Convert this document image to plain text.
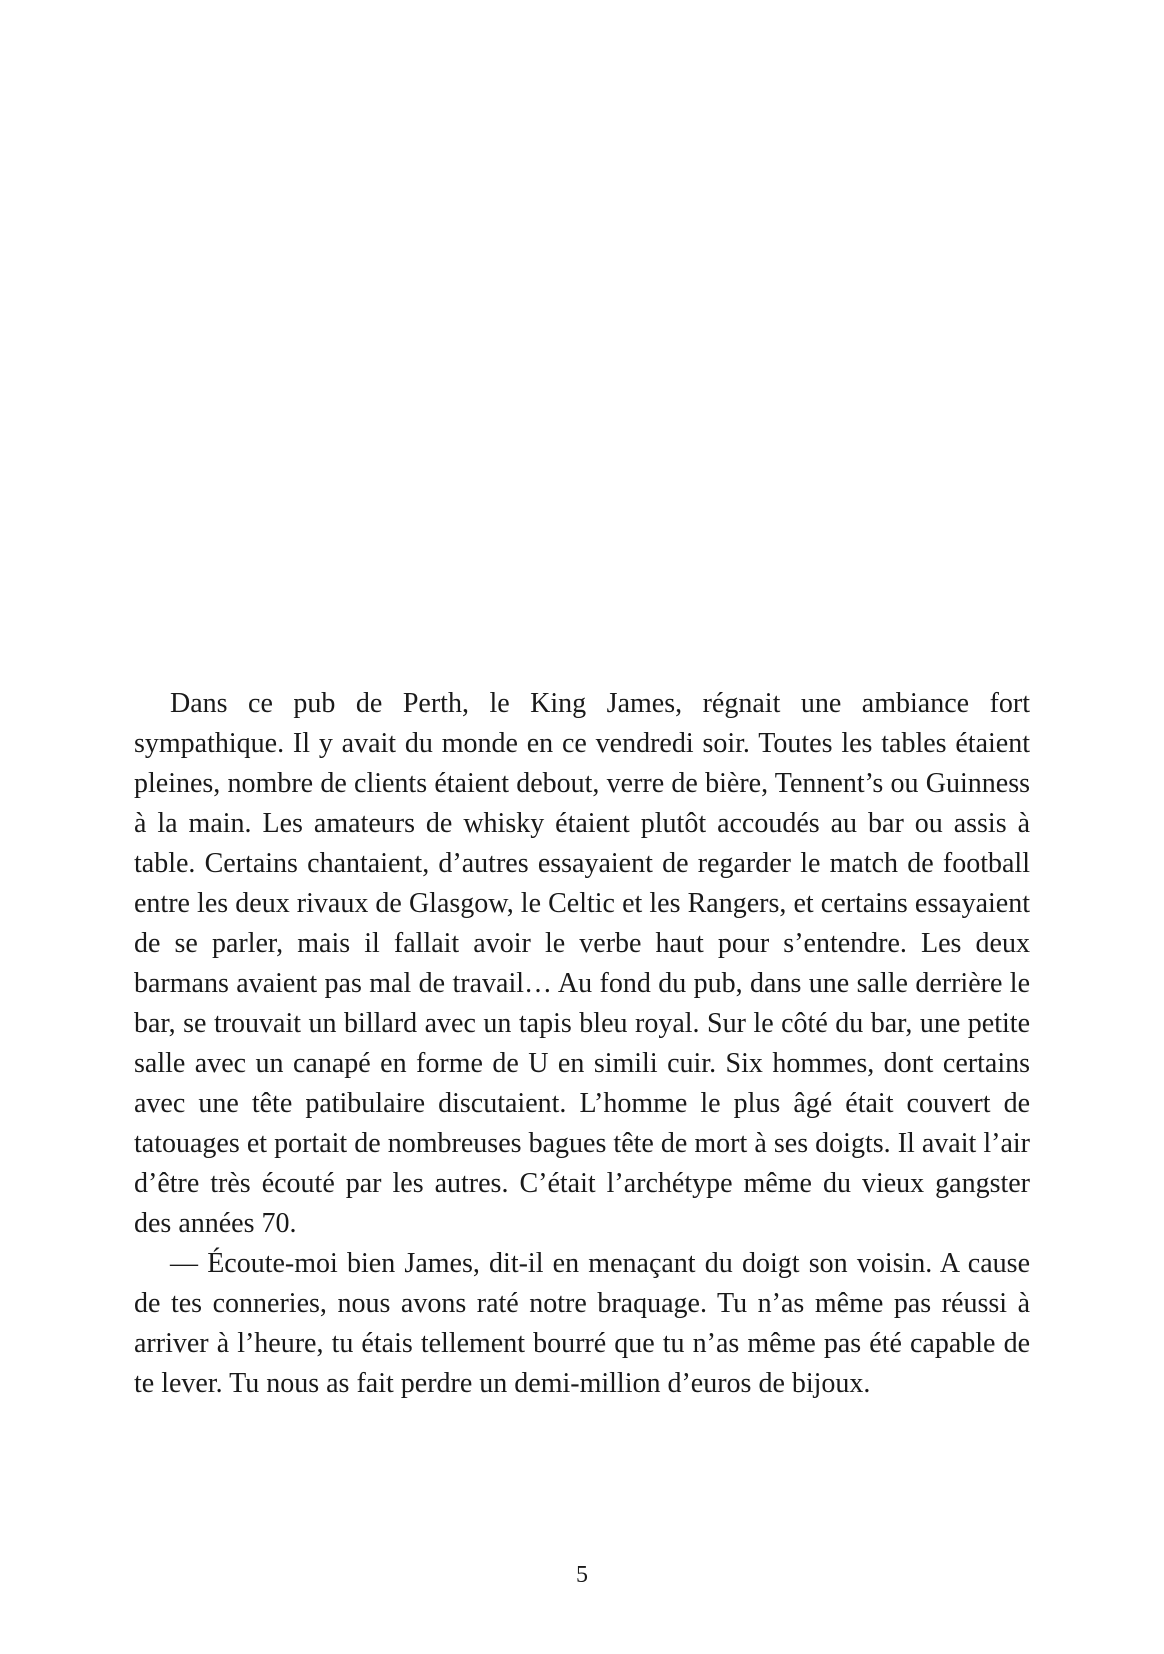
Dans ce pub de Perth, le King James, régnait une ambiance fort sympathique. Il y avait du monde en ce vendredi soir. Toutes les tables étaient pleines, nombre de clients étaient debout, verre de bière, Tennent’s ou Guinness à la main. Les amateurs de whisky étaient plutôt accoudés au bar ou assis à table. Certains chantaient, d’autres essayaient de regarder le match de football entre les deux rivaux de Glasgow, le Celtic et les Rangers, et certains essayaient de se parler, mais il fallait avoir le verbe haut pour s’entendre. Les deux barmans avaient pas mal de travail… Au fond du pub, dans une salle derrière le bar, se trouvait un billard avec un tapis bleu royal. Sur le côté du bar, une petite salle avec un canapé en forme de U en simili cuir. Six hommes, dont certains avec une tête patibulaire discutaient. L’homme le plus âgé était couvert de tatouages et portait de nombreuses bagues tête de mort à ses doigts. Il avait l’air d’être très écouté par les autres. C’était l’archétype même du vieux gangster des années 70.

— Écoute-moi bien James, dit-il en menaçant du doigt son voisin. A cause de tes conneries, nous avons raté notre braquage. Tu n’as même pas réussi à arriver à l’heure, tu étais tellement bourré que tu n’as même pas été capable de te lever. Tu nous as fait perdre un demi-million d’euros de bijoux.

5
